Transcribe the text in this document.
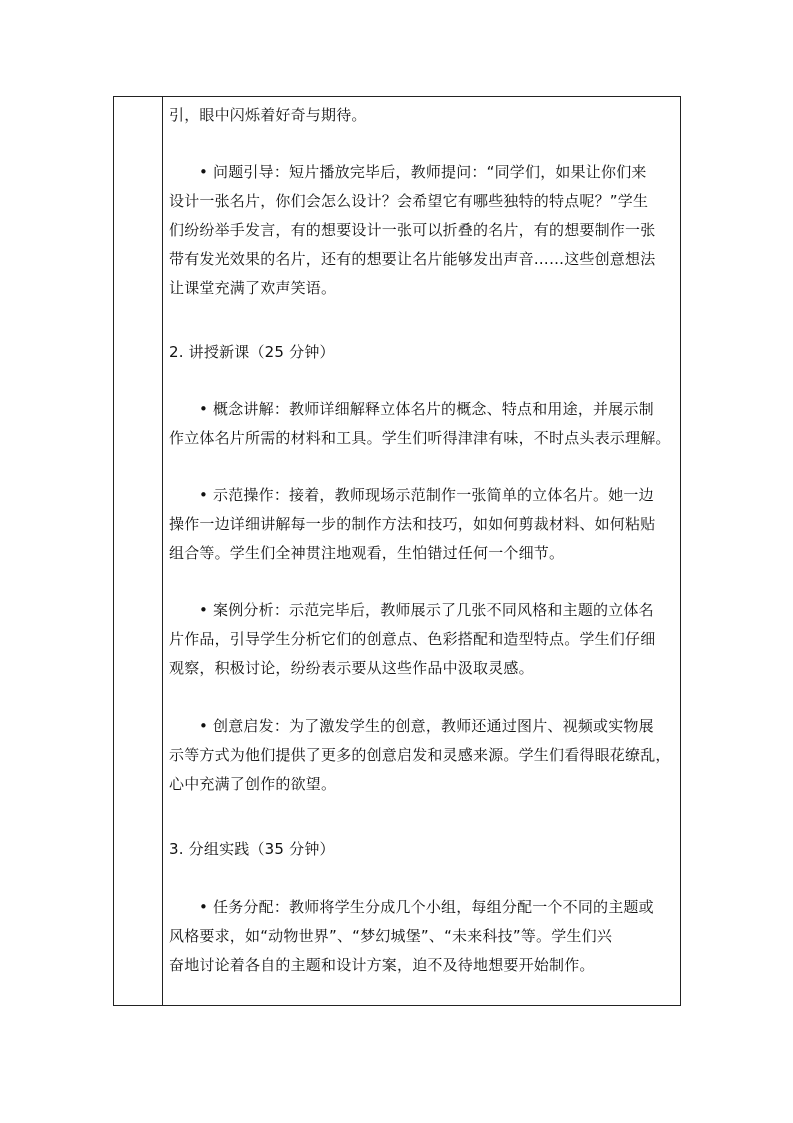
引，眼中闪烁着好奇与期待。

• 问题引导：短片播放完毕后，教师提问：“同学们，如果让你们来
设计一张名片，你们会怎么设计？会希望它有哪些独特的特点呢？”学生
们纷纷举手发言，有的想要设计一张可以折叠的名片，有的想要制作一张
带有发光效果的名片，还有的想要让名片能够发出声音……这些创意想法
让课堂充满了欢声笑语。

2. 讲授新课（25 分钟）

• 概念讲解：教师详细解释立体名片的概念、特点和用途，并展示制
作立体名片所需的材料和工具。学生们听得津津有味，不时点头表示理解。

• 示范操作：接着，教师现场示范制作一张简单的立体名片。她一边
操作一边详细讲解每一步的制作方法和技巧，如如何剪裁材料、如何粘贴
组合等。学生们全神贯注地观看，生怕错过任何一个细节。

• 案例分析：示范完毕后，教师展示了几张不同风格和主题的立体名
片作品，引导学生分析它们的创意点、色彩搭配和造型特点。学生们仔细
观察，积极讨论，纷纷表示要从这些作品中汲取灵感。

• 创意启发：为了激发学生的创意，教师还通过图片、视频或实物展
示等方式为他们提供了更多的创意启发和灵感来源。学生们看得眼花缭乱，
心中充满了创作的欲望。

3. 分组实践（35 分钟）

• 任务分配：教师将学生分成几个小组，每组分配一个不同的主题或
风格要求，如“动物世界”、“梦幻城堡”、“未来科技”等。学生们兴
奋地讨论着各自的主题和设计方案，迫不及待地想要开始制作。
